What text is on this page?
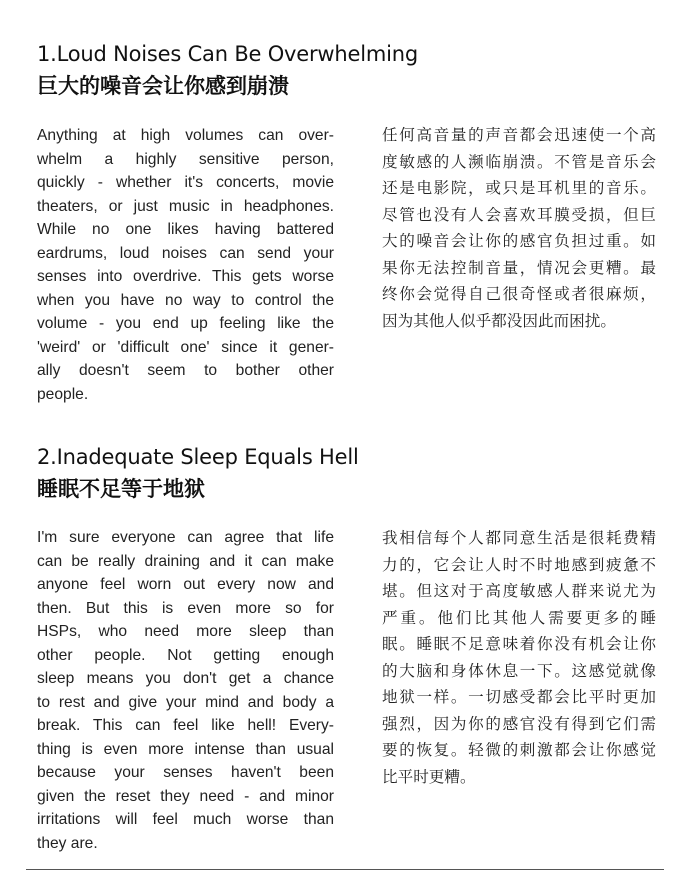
1.Loud Noises Can Be Overwhelming
巨大的噪音会让你感到崩溃
Anything at high volumes can over-
whelm a highly sensitive person,
quickly - whether it's concerts, movie
theaters, or just music in headphones.
While no one likes having battered
eardrums, loud noises can send your
senses into overdrive. This gets worse
when you have no way to control the
volume - you end up feeling like the
'weird' or 'difficult one' since it gener-
ally doesn't seem to bother other
people.
任何高音量的声音都会迅速使一个高
度敏感的人濒临崩溃。不管是音乐会
还是电影院，或只是耳机里的音乐。
尽管也没有人会喜欢耳膜受损，但巨
大的噪音会让你的感官负担过重。如
果你无法控制音量，情况会更糟。最
终你会觉得自己很奇怪或者很麻烦，
因为其他人似乎都没因此而困扰。
2.Inadequate Sleep Equals Hell
睡眠不足等于地狱
I'm sure everyone can agree that life
can be really draining and it can make
anyone feel worn out every now and
then. But this is even more so for
HSPs, who need more sleep than
other people. Not getting enough
sleep means you don't get a chance
to rest and give your mind and body a
break. This can feel like hell! Every-
thing is even more intense than usual
because your senses haven't been
given the reset they need - and minor
irritations will feel much worse than
they are.
我相信每个人都同意生活是很耗费精
力的，它会让人时不时地感到疲惫不
堪。但这对于高度敏感人群来说尤为
严重。他们比其他人需要更多的睡
眠。睡眠不足意味着你没有机会让你
的大脑和身体休息一下。这感觉就像
地狱一样。一切感受都会比平时更加
强烈，因为你的感官没有得到它们需
要的恢复。轻微的刺激都会让你感觉
比平时更糟。
